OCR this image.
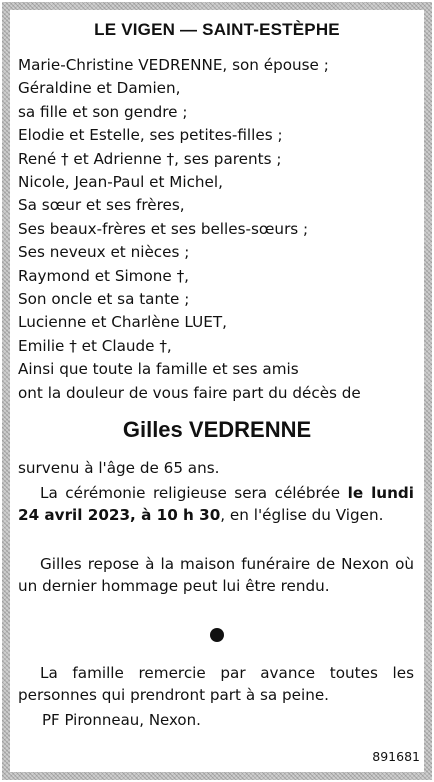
LE VIGEN — SAINT-ESTÈPHE
Marie-Christine VEDRENNE, son épouse ;
Géraldine et Damien,
sa fille et son gendre ;
Elodie et Estelle, ses petites-filles ;
René † et Adrienne †, ses parents ;
Nicole, Jean-Paul et Michel,
Sa sœur et ses frères,
Ses beaux-frères et ses belles-sœurs ;
Ses neveux et nièces ;
Raymond et Simone †,
Son oncle et sa tante ;
Lucienne et Charlène LUET,
Emilie † et Claude †,
Ainsi que toute la famille et ses amis
ont la douleur de vous faire part du décès de
Gilles VEDRENNE

survenu à l'âge de 65 ans.

La cérémonie religieuse sera célébrée le lundi 24 avril 2023, à 10 h 30, en l'église du Vigen.

Gilles repose à la maison funéraire de Nexon où un dernier hommage peut lui être rendu.

La famille remercie par avance toutes les personnes qui prendront part à sa peine.

PF Pironneau, Nexon.
891681
